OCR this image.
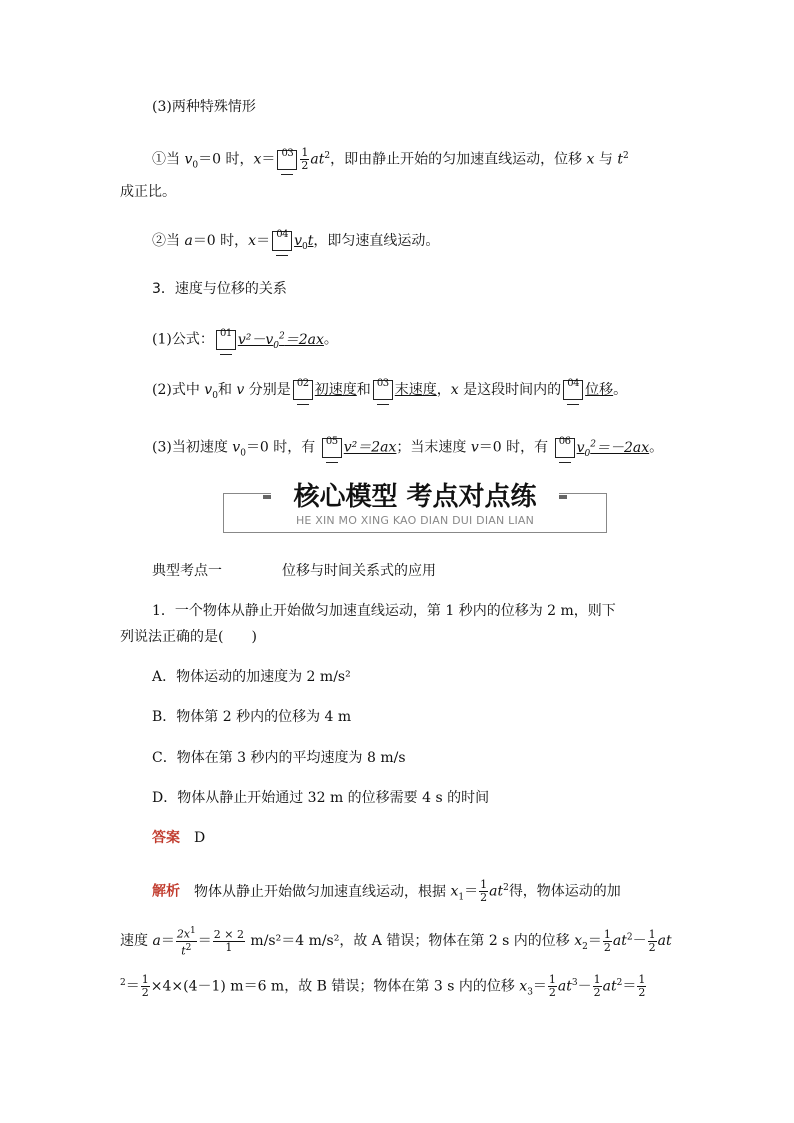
(3)两种特殊情形
①当 $v_0=0$ 时，$x= 03 \frac{1}{2} at^2$，即由静止开始的匀加速直线运动，位移 x 与 $t^2$
成正比。
②当 a＝0 时，x＝ 04 $v_0t$，即匀速直线运动。
3．速度与位移的关系
(1)公式： 01 $v^2-v_0^2=2ax$。
(2)式中 $v_0$和 v 分别是 02 初速度和 03 末速度，x 是这段时间内的 04 位移。
(3)当初速度 $v_0=0$ 时，有 05 v²＝2ax；当末速度 v＝0 时，有 06 $v_0^2=-2ax$。
核心模型 考点对点练
HE XIN MO XING KAO DIAN DUI DIAN LIAN
典型考点一	位移与时间关系式的应用
1．一个物体从静止开始做匀加速直线运动，第 1 秒内的位移为 2 m，则下
列说法正确的是(　　)
A．物体运动的加速度为 2 m/s²
B．物体第 2 秒内的位移为 4 m
C．物体在第 3 秒内的平均速度为 8 m/s
D．物体从静止开始通过 32 m 的位移需要 4 s 的时间
答案 D
解析 物体从静止开始做匀加速直线运动，根据 $x_1= \frac{1}{2} at^2$得，物体运动的加
速度 $a= \frac{2x^1}{t^2} = \frac{2 \times 2}{1} m/s^2=4$ m/s²，故 A 错误；物体在第 2 s 内的位移 $x_2= \frac{1}{2} at^2- \frac{1}{2}$ at
$^2= \frac{1}{2} \times 4\times(4-1)$ m＝6 m，故 B 错误；物体在第 3 s 内的位移 $x_3= \frac{1}{2} at^3- \frac{1}{2} at^2= \frac{1}{2}$
